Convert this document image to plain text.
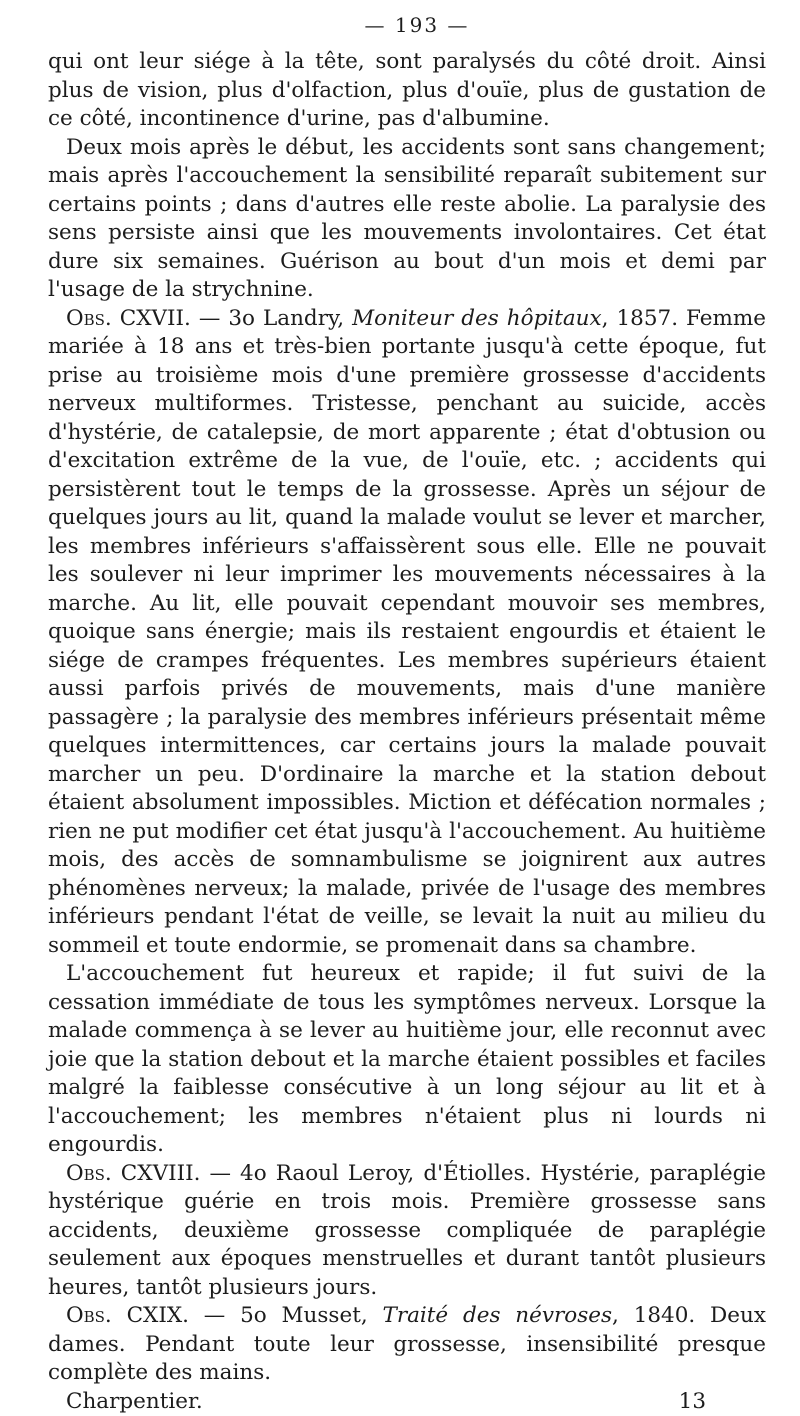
— 193 —

qui ont leur siége à la tête, sont paralysés du côté droit. Ainsi plus de vision, plus d'olfaction, plus d'ouïe, plus de gustation de ce côté, incontinence d'urine, pas d'albumine.

Deux mois après le début, les accidents sont sans changement; mais après l'accouchement la sensibilité reparaît subitement sur certains points ; dans d'autres elle reste abolie. La paralysie des sens persiste ainsi que les mouvements involontaires. Cet état dure six semaines. Guérison au bout d'un mois et demi par l'usage de la strychnine.

Obs. CXVII. — 3o Landry, Moniteur des hôpitaux, 1857. Femme mariée à 18 ans et très-bien portante jusqu'à cette époque, fut prise au troisième mois d'une première grossesse d'accidents nerveux multiformes. Tristesse, penchant au suicide, accès d'hystérie, de catalepsie, de mort apparente ; état d'obtusion ou d'excitation extrême de la vue, de l'ouïe, etc. ; accidents qui persistèrent tout le temps de la grossesse. Après un séjour de quelques jours au lit, quand la malade voulut se lever et marcher, les membres inférieurs s'affaissèrent sous elle. Elle ne pouvait les soulever ni leur imprimer les mouvements nécessaires à la marche. Au lit, elle pouvait cependant mouvoir ses membres, quoique sans énergie; mais ils restaient engourdis et étaient le siége de crampes fréquentes. Les membres supérieurs étaient aussi parfois privés de mouvements, mais d'une manière passagère ; la paralysie des membres inférieurs présentait même quelques intermittences, car certains jours la malade pouvait marcher un peu. D'ordinaire la marche et la station debout étaient absolument impossibles. Miction et défécation normales ; rien ne put modifier cet état jusqu'à l'accouchement. Au huitième mois, des accès de somnambulisme se joignirent aux autres phénomènes nerveux; la malade, privée de l'usage des membres inférieurs pendant l'état de veille, se levait la nuit au milieu du sommeil et toute endormie, se promenait dans sa chambre.

L'accouchement fut heureux et rapide; il fut suivi de la cessation immédiate de tous les symptômes nerveux. Lorsque la malade commença à se lever au huitième jour, elle reconnut avec joie que la station debout et la marche étaient possibles et faciles malgré la faiblesse consécutive à un long séjour au lit et à l'accouchement; les membres n'étaient plus ni lourds ni engourdis.

Obs. CXVIII. — 4o Raoul Leroy, d'Étiolles. Hystérie, paraplégie hystérique guérie en trois mois. Première grossesse sans accidents, deuxième grossesse compliquée de paraplégie seulement aux époques menstruelles et durant tantôt plusieurs heures, tantôt plusieurs jours.

Obs. CXIX. — 5o Musset, Traité des névroses, 1840. Deux dames. Pendant toute leur grossesse, insensibilité presque complète des mains.

Charpentier.	13
